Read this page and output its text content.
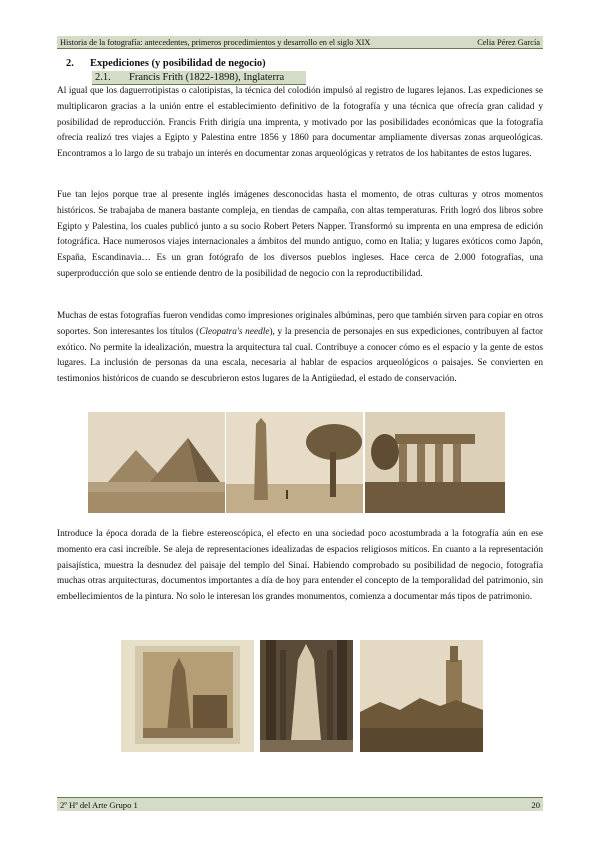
Historia de la fotografía: antecedentes, primeros procedimientos y desarrollo en el siglo XIX	Celia Pérez García
2. Expediciones (y posibilidad de negocio)
2.1. Francis Frith (1822-1898), Inglaterra

Al igual que los daguerrotipistas o calotipistas, la técnica del colodión impulsó al registro de lugares lejanos. Las expediciones se multiplicaron gracias a la unión entre el establecimiento definitivo de la fotografía y una técnica que ofrecía gran calidad y posibilidad de reproducción. Francis Frith dirigía una imprenta, y motivado por las posibilidades económicas que la fotografía ofrecía realizó tres viajes a Egipto y Palestina entre 1856 y 1860 para documentar ampliamente diversas zonas arqueológicas. Encontramos a lo largo de su trabajo un interés en documentar zonas arqueológicas y retratos de los habitantes de estos lugares.

Fue tan lejos porque trae al presente inglés imágenes desconocidas hasta el momento, de otras culturas y otros momentos históricos. Se trabajaba de manera bastante compleja, en tiendas de campaña, con altas temperaturas. Frith logró dos libros sobre Egipto y Palestina, los cuales publicó junto a su socio Robert Peters Napper. Transformó su imprenta en una empresa de edición fotográfica. Hace numerosos viajes internacionales a ámbitos del mundo antiguo, como en Italia; y lugares exóticos como Japón, España, Escandinavia… Es un gran fotógrafo de los diversos pueblos ingleses. Hace cerca de 2.000 fotografías, una superproducción que solo se entiende dentro de la posibilidad de negocio con la reproductibilidad.

Muchas de estas fotografías fueron vendidas como impresiones originales albúminas, pero que también sirven para copiar en otros soportes. Son interesantes los títulos (Cleopatra's needle), y la presencia de personajes en sus expediciones, contribuyen al factor exótico. No permite la idealización, muestra la arquitectura tal cual. Contribuye a conocer cómo es el espacio y la gente de estos lugares. La inclusión de personas da una escala, necesaria al hablar de espacios arqueológicos o paisajes. Se convierten en testimonios históricos de cuando se descubrieron estos lugares de la Antigüedad, el estado de conservación.

Introduce la época dorada de la fiebre estereoscópica, el efecto en una sociedad poco acostumbrada a la fotografía aún en ese momento era casi increíble. Se aleja de representaciones idealizadas de espacios religiosos míticos. En cuanto a la representación paisajística, muestra la desnudez del paisaje del templo del Sinaí. Habiendo comprobado su posibilidad de negocio, fotografía muchas otras arquitecturas, documentos importantes a día de hoy para entender el concepto de la temporalidad del patrimonio, sin embellecimientos de la pintura. No solo le interesan los grandes monumentos, comienza a documentar más tipos de patrimonio.

2º Hª del Arte Grupo 1	20
